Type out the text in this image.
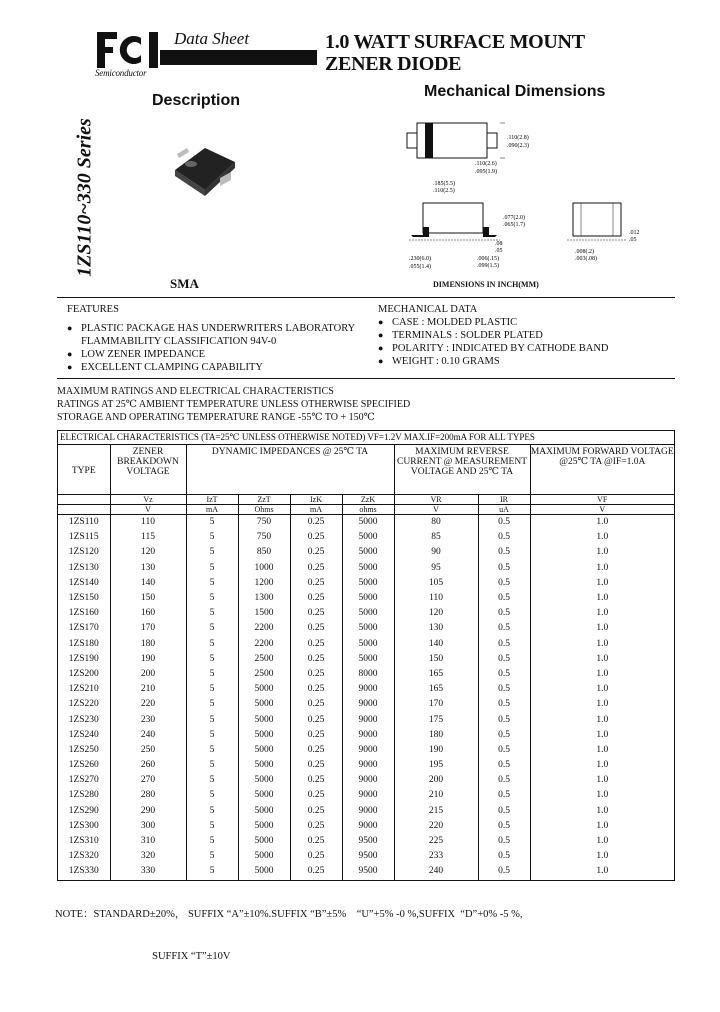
Semiconductor
Data Sheet	1.0 WATT SURFACE MOUNT
ZENER DIODE
Description
Mechanical Dimensions
1ZS110~330 Series
SMA
.110(2.8)
.090(2.3)
.110(2.6)
.095(1.9)
.185(5.5)
.110(2.5)
.077(2.0)
.065(1.7)
.08
.05
.006(.15)
.099(1.5)
.230(6.0)
.055(1.4)
.012
.05
.008(.2)
.003(.08)
DIMENSIONS IN INCH(MM)
FEATURES
● PLASTIC PACKAGE HAS UNDERWRITERS LABORATORY
FLAMMABILITY CLASSIFICATION 94V-0
● LOW ZENER IMPEDANCE
● EXCELLENT CLAMPING CAPABILITY
MECHANICAL DATA
● CASE : MOLDED PLASTIC
● TERMINALS : SOLDER PLATED
● POLARITY : INDICATED BY CATHODE BAND
● WEIGHT : 0.10 GRAMS
MAXIMUM RATINGS AND ELECTRICAL CHARACTERISTICS
RATINGS AT 25℃ AMBIENT TEMPERATURE UNLESS OTHERWISE SPECIFIED
STORAGE AND OPERATING TEMPERATURE RANGE -55℃ TO + 150℃
ELECTRICAL CHARACTERISTICS (TA=25℃ UNLESS OTHERWISE NOTED) VF=1.2V MAX.IF=200mA FOR ALL TYPES
TYPE	ZENER BREAKDOWN VOLTAGE	DYNAMIC IMPEDANCES @ 25℃ TA				MAXIMUM REVERSE CURRENT @ MEASUREMENT VOLTAGE AND 25℃ TA		MAXIMUM FORWARD VOLTAGE @25℃ TA @IF=1.0A
	Vz	IzT	ZzT	IzK	ZzK	VR	IR	VF
	V	mA	Ohms	mA	ohms	V	uA	V
1ZS110	110	5	750	0.25	5000	80	0.5	1.0
1ZS115	115	5	750	0.25	5000	85	0.5	1.0
1ZS120	120	5	850	0.25	5000	90	0.5	1.0
1ZS130	130	5	1000	0.25	5000	95	0.5	1.0
1ZS140	140	5	1200	0.25	5000	105	0.5	1.0
1ZS150	150	5	1300	0.25	5000	110	0.5	1.0
1ZS160	160	5	1500	0.25	5000	120	0.5	1.0
1ZS170	170	5	2200	0.25	5000	130	0.5	1.0
1ZS180	180	5	2200	0.25	5000	140	0.5	1.0
1ZS190	190	5	2500	0.25	5000	150	0.5	1.0
1ZS200	200	5	2500	0.25	8000	165	0.5	1.0
1ZS210	210	5	5000	0.25	9000	165	0.5	1.0
1ZS220	220	5	5000	0.25	9000	170	0.5	1.0
1ZS230	230	5	5000	0.25	9000	175	0.5	1.0
1ZS240	240	5	5000	0.25	9000	180	0.5	1.0
1ZS250	250	5	5000	0.25	9000	190	0.5	1.0
1ZS260	260	5	5000	0.25	9000	195	0.5	1.0
1ZS270	270	5	5000	0.25	9000	200	0.5	1.0
1ZS280	280	5	5000	0.25	9000	210	0.5	1.0
1ZS290	290	5	5000	0.25	9000	215	0.5	1.0
1ZS300	300	5	5000	0.25	9000	220	0.5	1.0
1ZS310	310	5	5000	0.25	9500	225	0.5	1.0
1ZS320	320	5	5000	0.25	9500	233	0.5	1.0
1ZS330	330	5	5000	0.25	9500	240	0.5	1.0

NOTE：STANDARD±20%， SUFFIX “A”±10%.SUFFIX “B”±5%    “U”+5% -0 %,SUFFIX  “D”+0% -5 %,

SUFFIX “T”±10V
